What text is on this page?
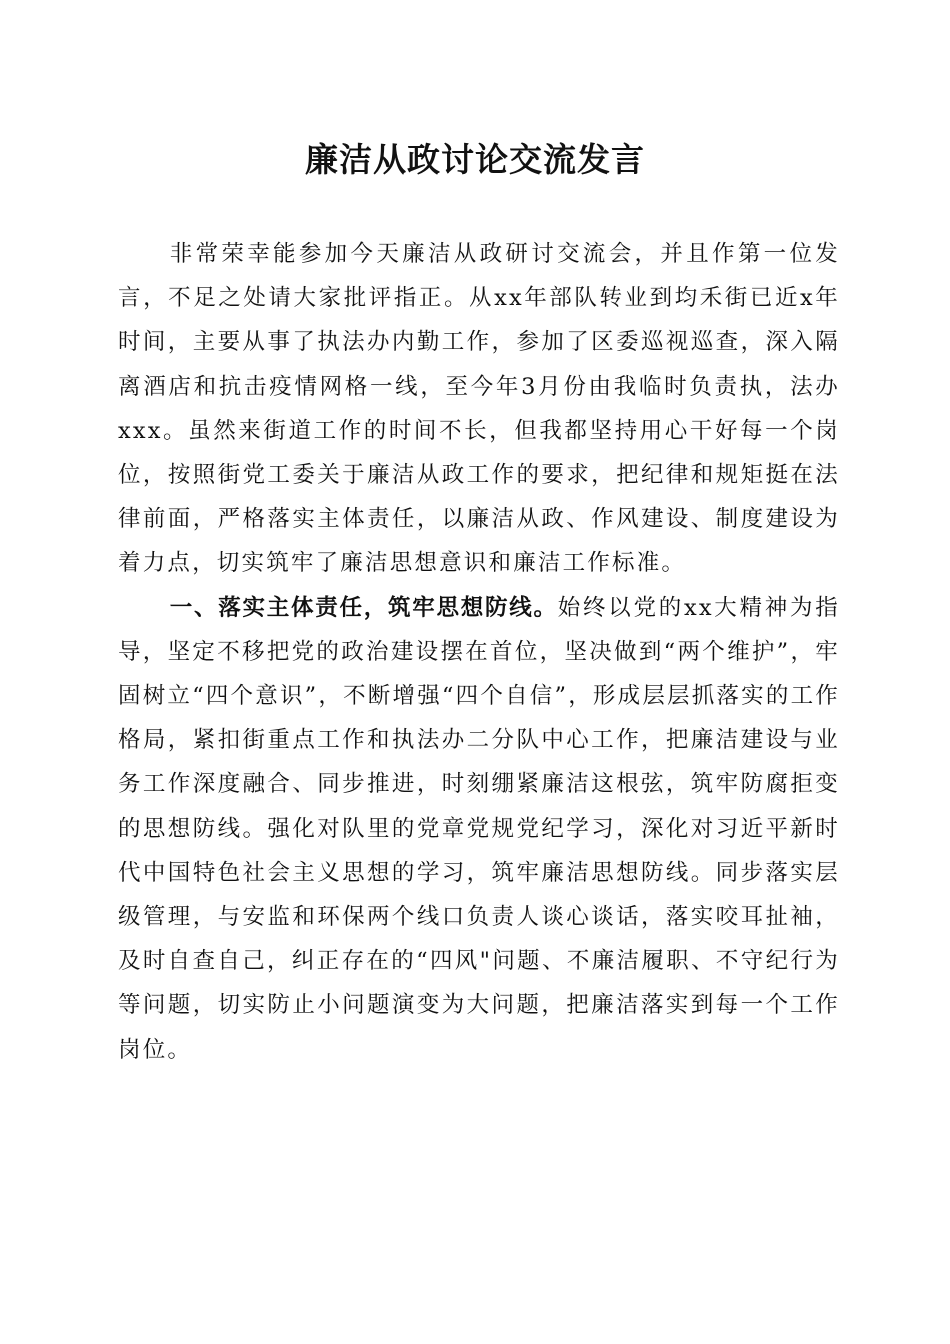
廉洁从政讨论交流发言

非常荣幸能参加今天廉洁从政研讨交流会，并且作第一位发言，不足之处请大家批评指正。从xx年部队转业到均禾街已近x年时间，主要从事了执法办内勤工作，参加了区委巡视巡查，深入隔离酒店和抗击疫情网格一线，至今年3月份由我临时负责执，法办xxx。虽然来街道工作的时间不长，但我都坚持用心干好每一个岗位，按照街党工委关于廉洁从政工作的要求，把纪律和规矩挺在法律前面，严格落实主体责任，以廉洁从政、作风建设、制度建设为着力点，切实筑牢了廉洁思想意识和廉洁工作标准。

一、落实主体责任，筑牢思想防线。始终以党的xx大精神为指导，坚定不移把党的政治建设摆在首位，坚决做到“两个维护”，牢固树立“四个意识”，不断增强“四个自信”，形成层层抓落实的工作格局，紧扣街重点工作和执法办二分队中心工作，把廉洁建设与业务工作深度融合、同步推进，时刻绷紧廉洁这根弦，筑牢防腐拒变的思想防线。强化对队里的党章党规党纪学习，深化对习近平新时代中国特色社会主义思想的学习，筑牢廉洁思想防线。同步落实层级管理，与安监和环保两个线口负责人谈心谈话，落实咬耳扯袖，及时自查自己，纠正存在的“四风"问题、不廉洁履职、不守纪行为等问题，切实防止小问题演变为大问题，把廉洁落实到每一个工作岗位。
